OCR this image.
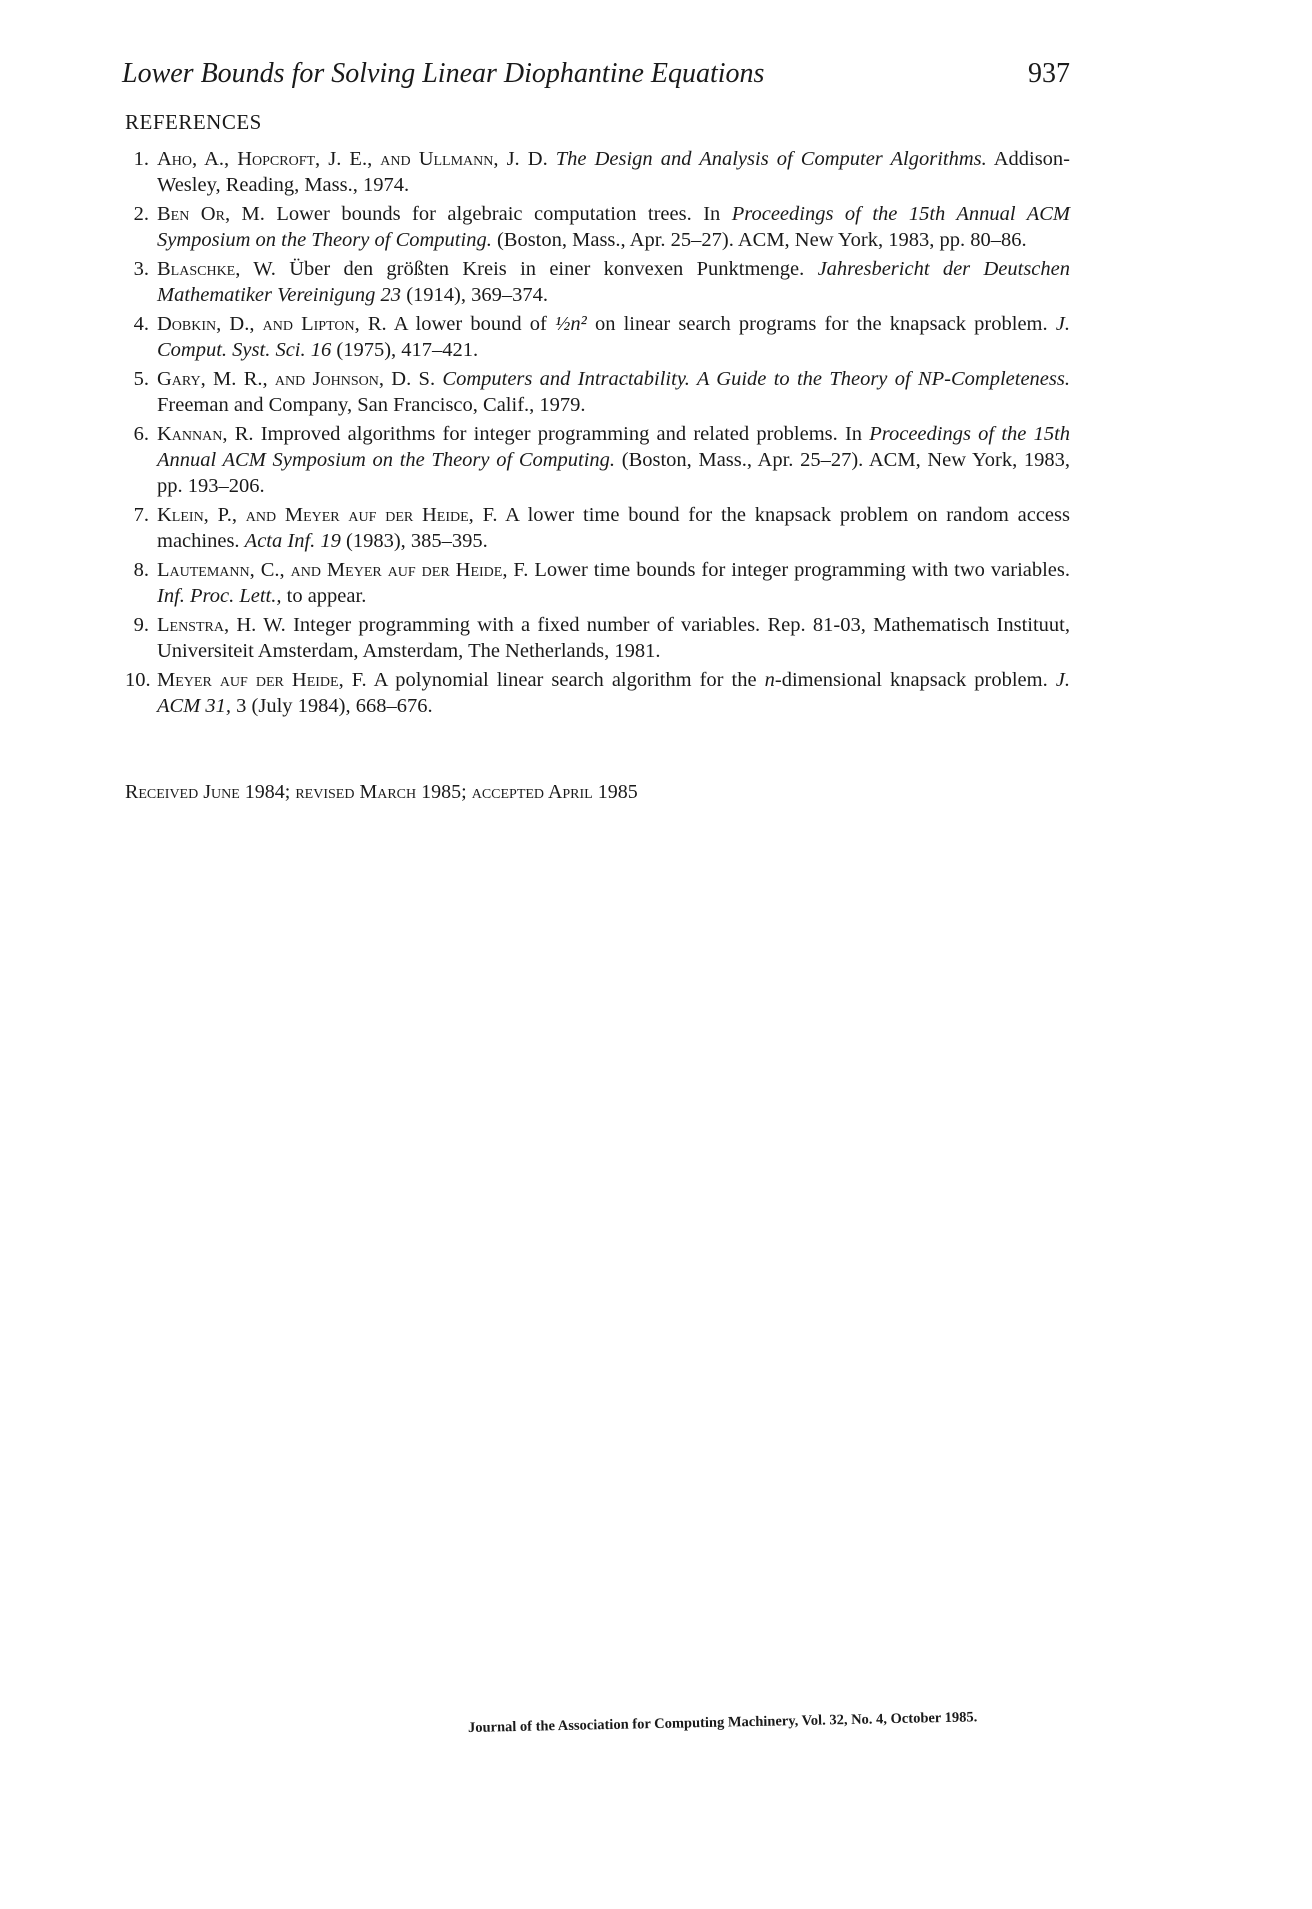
Lower Bounds for Solving Linear Diophantine Equations	937
REFERENCES
1. Aho, A., Hopcroft, J. E., and Ullmann, J. D. The Design and Analysis of Computer Algorithms. Addison-Wesley, Reading, Mass., 1974.
2. Ben Or, M. Lower bounds for algebraic computation trees. In Proceedings of the 15th Annual ACM Symposium on the Theory of Computing. (Boston, Mass., Apr. 25–27). ACM, New York, 1983, pp. 80–86.
3. Blaschke, W. Über den größten Kreis in einer konvexen Punktmenge. Jahresbericht der Deutschen Mathematiker Vereinigung 23 (1914), 369–374.
4. Dobkin, D., and Lipton, R. A lower bound of ½n² on linear search programs for the knapsack problem. J. Comput. Syst. Sci. 16 (1975), 417–421.
5. Gary, M. R., and Johnson, D. S. Computers and Intractability. A Guide to the Theory of NP-Completeness. Freeman and Company, San Francisco, Calif., 1979.
6. Kannan, R. Improved algorithms for integer programming and related problems. In Proceedings of the 15th Annual ACM Symposium on the Theory of Computing. (Boston, Mass., Apr. 25–27). ACM, New York, 1983, pp. 193–206.
7. Klein, P., and Meyer auf der Heide, F. A lower time bound for the knapsack problem on random access machines. Acta Inf. 19 (1983), 385–395.
8. Lautemann, C., and Meyer auf der Heide, F. Lower time bounds for integer programming with two variables. Inf. Proc. Lett., to appear.
9. Lenstra, H. W. Integer programming with a fixed number of variables. Rep. 81-03, Mathematisch Instituut, Universiteit Amsterdam, Amsterdam, The Netherlands, 1981.
10. Meyer auf der Heide, F. A polynomial linear search algorithm for the n-dimensional knapsack problem. J. ACM 31, 3 (July 1984), 668–676.
Received June 1984; revised March 1985; accepted April 1985
Journal of the Association for Computing Machinery, Vol. 32, No. 4, October 1985.
